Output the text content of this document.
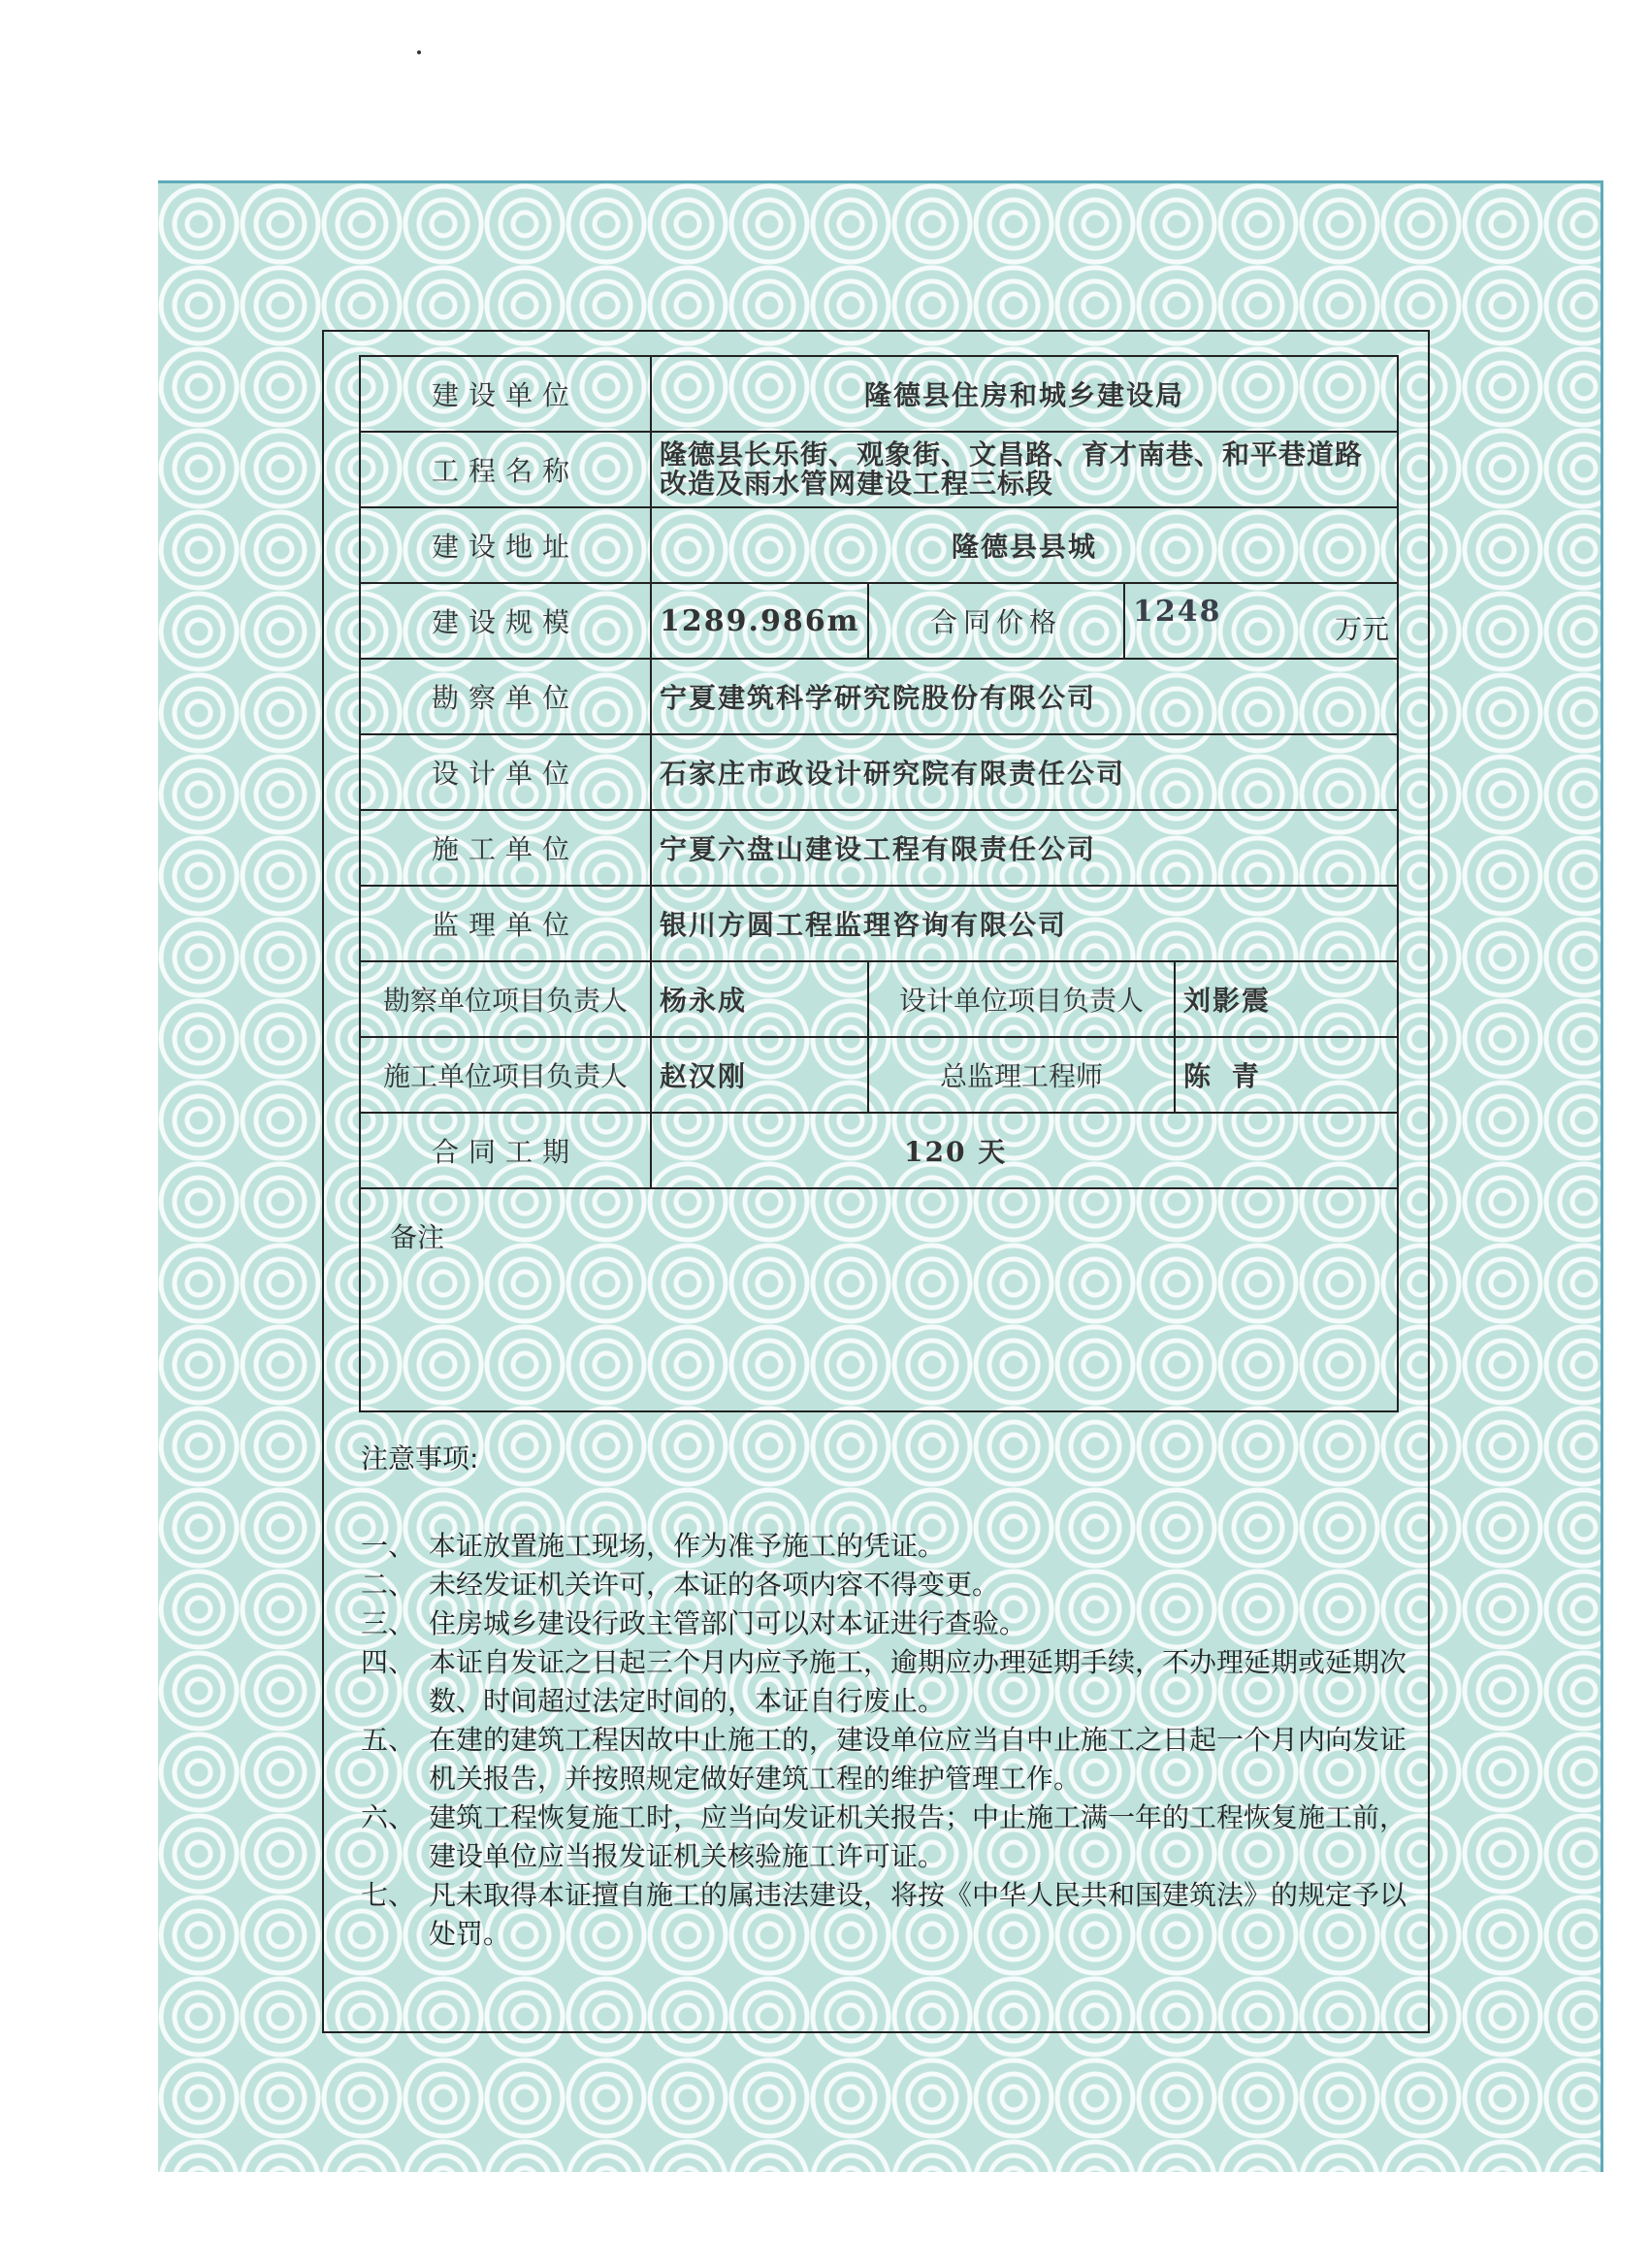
建设单位	隆德县住房和城乡建设局			
工程名称	隆德县长乐街、观象街、文昌路、育才南巷、和平巷道路改造及雨水管网建设工程三标段			
建设地址	隆德县县城			
建设规模	1289.986m	合同价格	1248
万元	

勘察单位	宁夏建筑科学研究院股份有限公司			
设计单位	石家庄市政设计研究院有限责任公司			
施工单位	宁夏六盘山建设工程有限责任公司			
监理单位	银川方圆工程监理咨询有限公司			
勘察单位项目负责人	杨永成	设计单位项目负责人		刘影震
施工单位项目负责人	赵汉刚	总监理工程师		陈 青
合同工期	120 天			
备注				
注意事项:
一、 本证放置施工现场，作为准予施工的凭证。
二、 未经发证机关许可，本证的各项内容不得变更。
三、 住房城乡建设行政主管部门可以对本证进行查验。
四、 本证自发证之日起三个月内应予施工，逾期应办理延期手续，不办理延期或延期次数、时间超过法定时间的，本证自行废止。
五、 在建的建筑工程因故中止施工的，建设单位应当自中止施工之日起一个月内向发证机关报告，并按照规定做好建筑工程的维护管理工作。
六、 建筑工程恢复施工时，应当向发证机关报告；中止施工满一年的工程恢复施工前，建设单位应当报发证机关核验施工许可证。
七、 凡未取得本证擅自施工的属违法建设，将按《中华人民共和国建筑法》的规定予以处罚。
